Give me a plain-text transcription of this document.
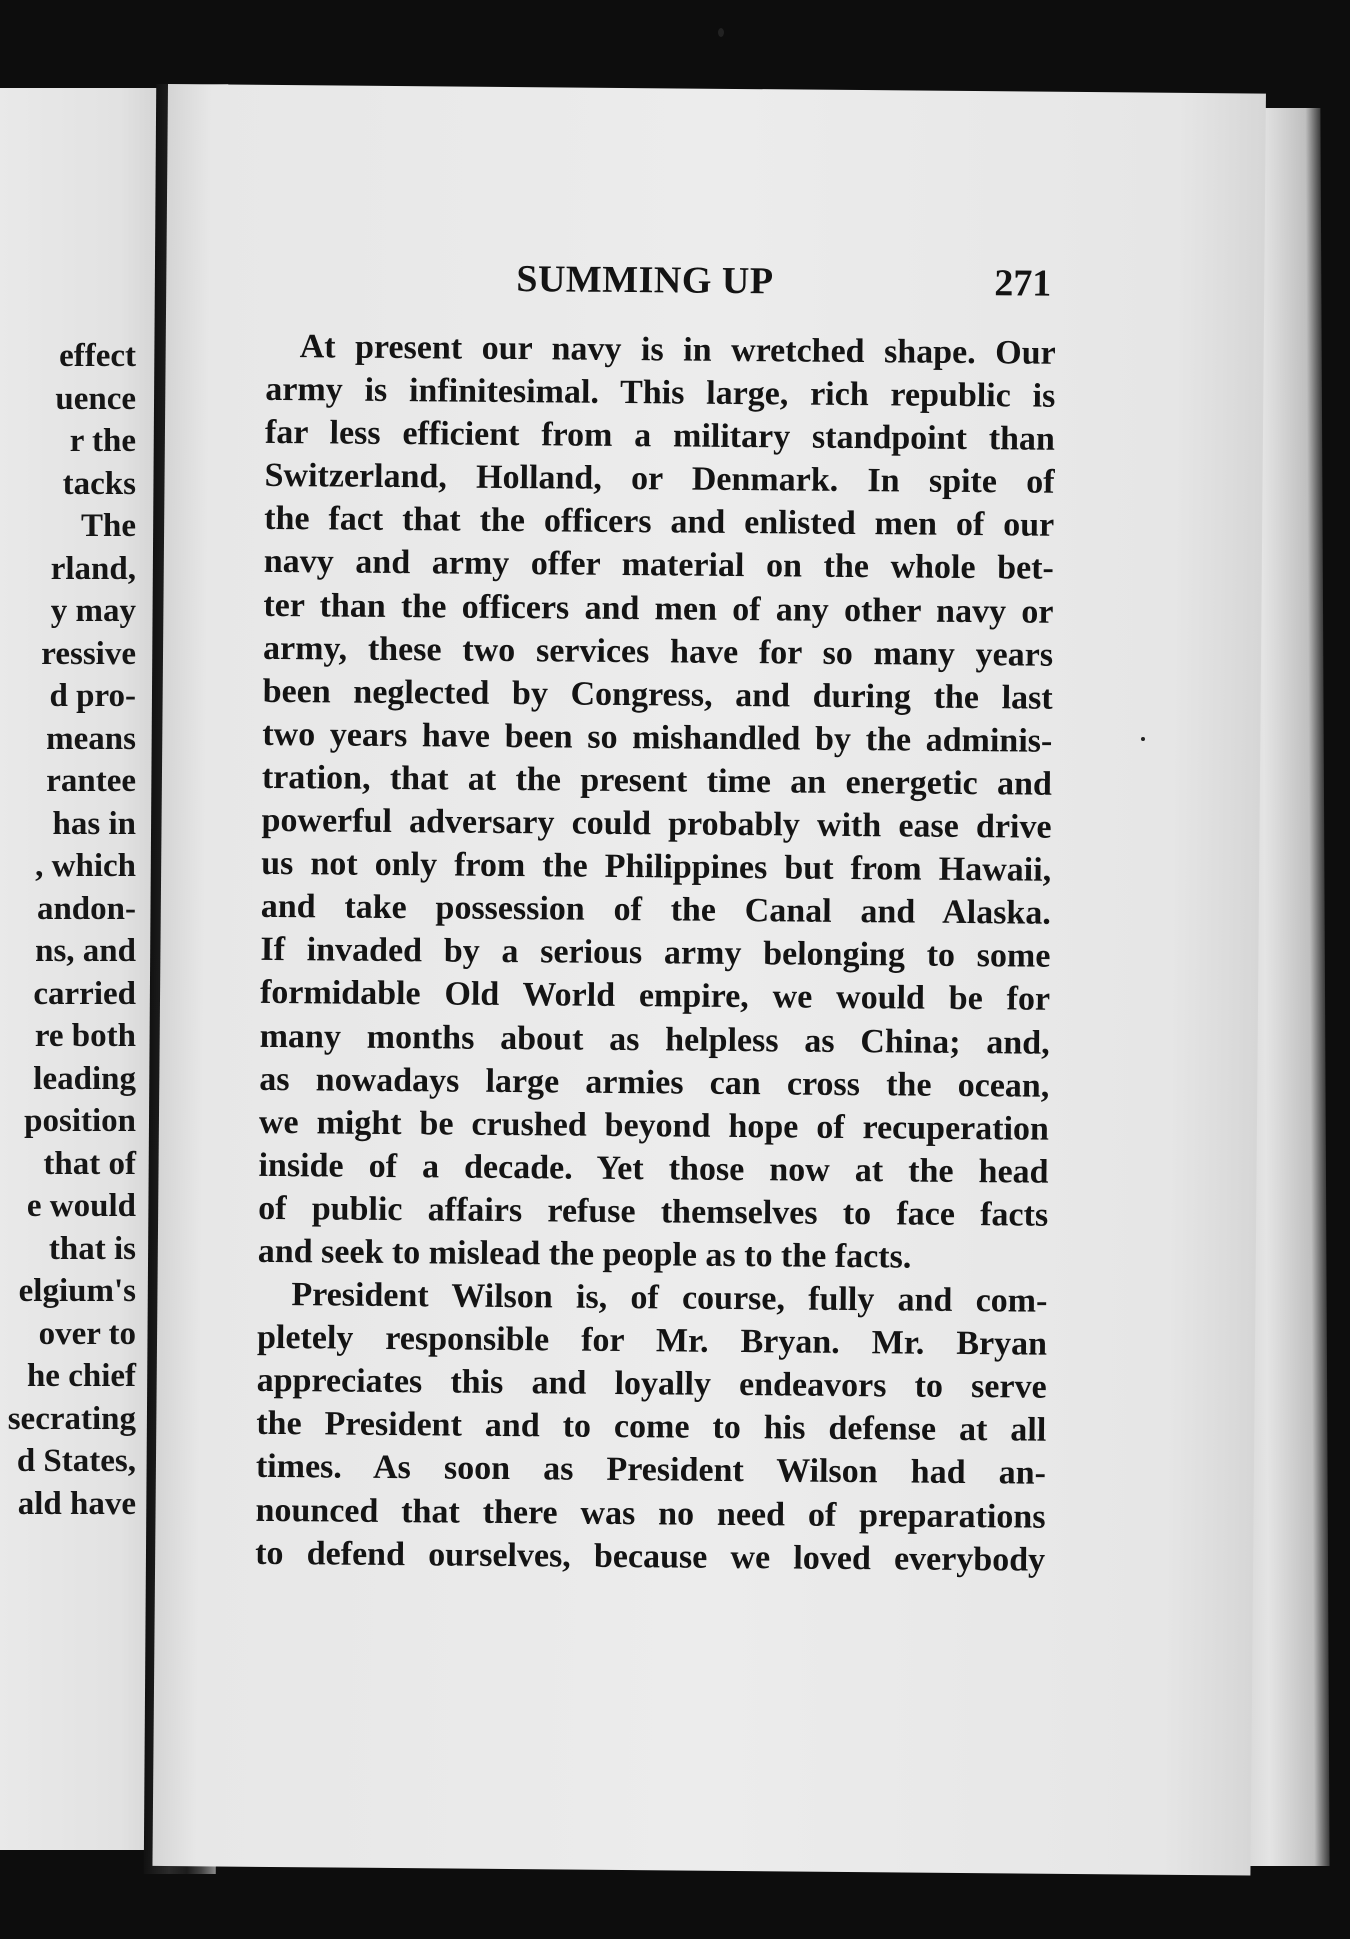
effect
uence
r the
tacks
The
rland,
y may
ressive
d pro-
means
rantee
has in
, which
andon-
ns, and
carried
re both
leading
position
that of
e would
that is
elgium's
over to
he chief
secrating
d States,
ald have
SUMMING UP	271
At present our navy is in wretched shape. Our
army is infinitesimal. This large, rich republic is
far less efficient from a military standpoint than
Switzerland, Holland, or Denmark. In spite of
the fact that the officers and enlisted men of our
navy and army offer material on the whole bet-
ter than the officers and men of any other navy or
army, these two services have for so many years
been neglected by Congress, and during the last
two years have been so mishandled by the adminis-
tration, that at the present time an energetic and
powerful adversary could probably with ease drive
us not only from the Philippines but from Hawaii,
and take possession of the Canal and Alaska.
If invaded by a serious army belonging to some
formidable Old World empire, we would be for
many months about as helpless as China; and,
as nowadays large armies can cross the ocean,
we might be crushed beyond hope of recuperation
inside of a decade. Yet those now at the head
of public affairs refuse themselves to face facts
and seek to mislead the people as to the facts.
President Wilson is, of course, fully and com-
pletely responsible for Mr. Bryan. Mr. Bryan
appreciates this and loyally endeavors to serve
the President and to come to his defense at all
times. As soon as President Wilson had an-
nounced that there was no need of preparations
to defend ourselves, because we loved everybody
